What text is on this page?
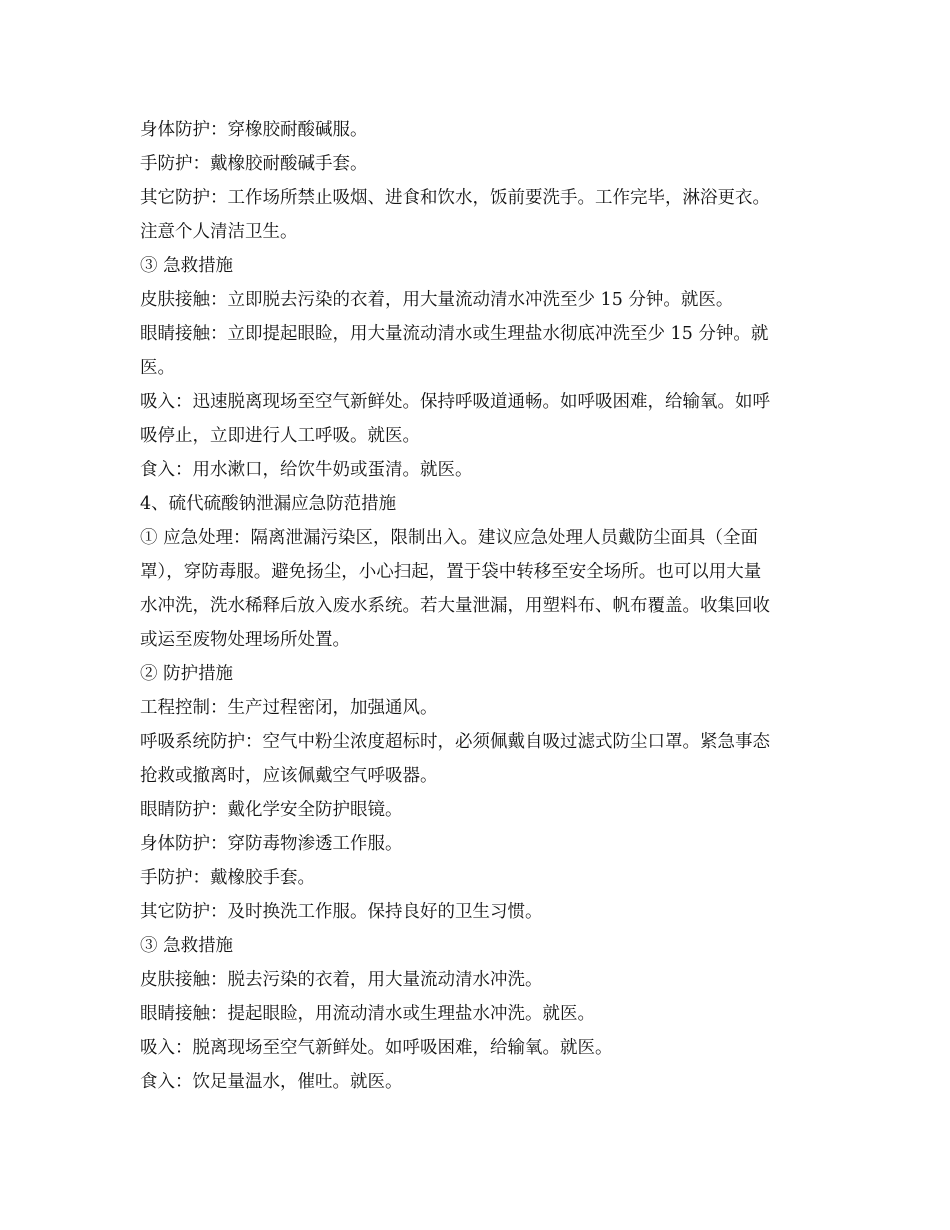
身体防护：穿橡胶耐酸碱服。
手防护：戴橡胶耐酸碱手套。
其它防护：工作场所禁止吸烟、进食和饮水，饭前要洗手。工作完毕，淋浴更衣。
注意个人清洁卫生。
③ 急救措施
皮肤接触：立即脱去污染的衣着，用大量流动清水冲洗至少 15 分钟。就医。
眼睛接触：立即提起眼睑，用大量流动清水或生理盐水彻底冲洗至少 15 分钟。就
医。
吸入：迅速脱离现场至空气新鲜处。保持呼吸道通畅。如呼吸困难，给输氧。如呼
吸停止，立即进行人工呼吸。就医。
食入：用水漱口，给饮牛奶或蛋清。就医。
4、硫代硫酸钠泄漏应急防范措施
① 应急处理：隔离泄漏污染区，限制出入。建议应急处理人员戴防尘面具（全面
罩），穿防毒服。避免扬尘，小心扫起，置于袋中转移至安全场所。也可以用大量
水冲洗，洗水稀释后放入废水系统。若大量泄漏，用塑料布、帆布覆盖。收集回收
或运至废物处理场所处置。
② 防护措施
工程控制：生产过程密闭，加强通风。
呼吸系统防护：空气中粉尘浓度超标时，必须佩戴自吸过滤式防尘口罩。紧急事态
抢救或撤离时，应该佩戴空气呼吸器。
眼睛防护：戴化学安全防护眼镜。
身体防护：穿防毒物渗透工作服。
手防护：戴橡胶手套。
其它防护：及时换洗工作服。保持良好的卫生习惯。
③ 急救措施
皮肤接触：脱去污染的衣着，用大量流动清水冲洗。
眼睛接触：提起眼睑，用流动清水或生理盐水冲洗。就医。
吸入：脱离现场至空气新鲜处。如呼吸困难，给输氧。就医。
食入：饮足量温水，催吐。就医。
